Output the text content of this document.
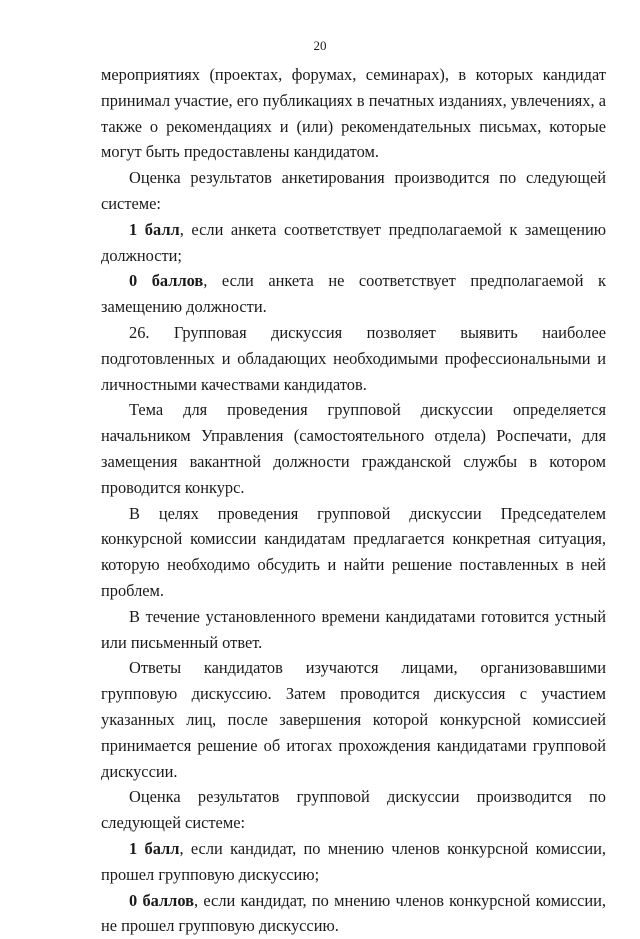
20

мероприятиях (проектах, форумах, семинарах), в которых кандидат принимал участие, его публикациях в печатных изданиях, увлечениях, а также о рекомендациях и (или) рекомендательных письмах, которые могут быть предоставлены кандидатом.

Оценка результатов анкетирования производится по следующей системе:

1 балл, если анкета соответствует предполагаемой к замещению должности;

0 баллов, если анкета не соответствует предполагаемой к замещению должности.

26. Групповая дискуссия позволяет выявить наиболее подготовленных и обладающих необходимыми профессиональными и личностными качествами кандидатов.

Тема для проведения групповой дискуссии определяется начальником Управления (самостоятельного отдела) Роспечати, для замещения вакантной должности гражданской службы в котором проводится конкурс.

В целях проведения групповой дискуссии Председателем конкурсной комиссии кандидатам предлагается конкретная ситуация, которую необходимо обсудить и найти решение поставленных в ней проблем.

В течение установленного времени кандидатами готовится устный или письменный ответ.

Ответы кандидатов изучаются лицами, организовавшими групповую дискуссию. Затем проводится дискуссия с участием указанных лиц, после завершения которой конкурсной комиссией принимается решение об итогах прохождения кандидатами групповой дискуссии.

Оценка результатов групповой дискуссии производится по следующей системе:

1 балл, если кандидат, по мнению членов конкурсной комиссии, прошел групповую дискуссию;

0 баллов, если кандидат, по мнению членов конкурсной комиссии, не прошел групповую дискуссию.
